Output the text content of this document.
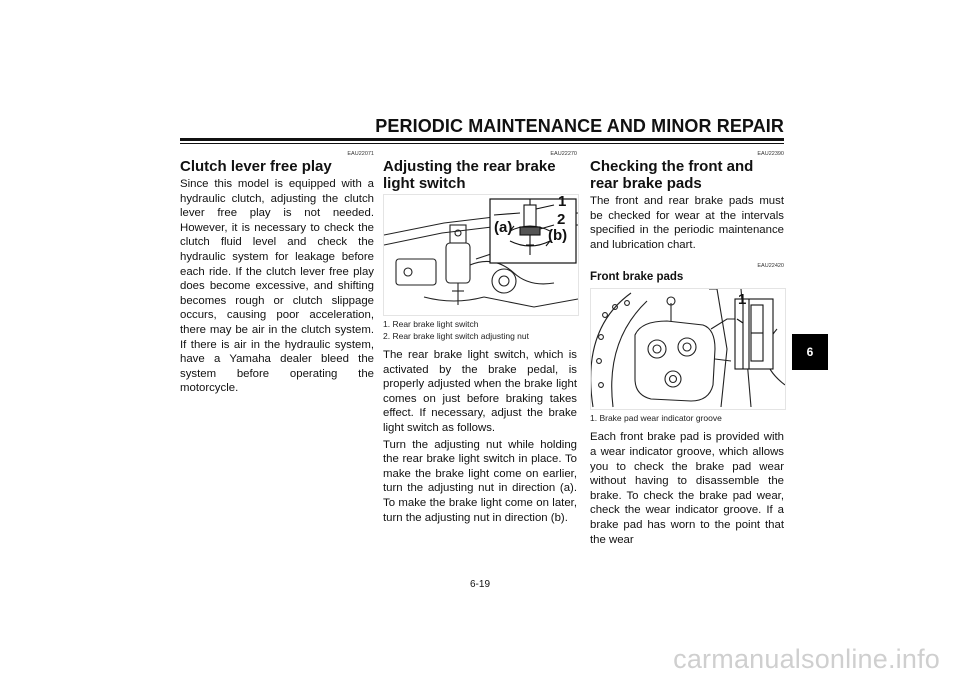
PERIODIC MAINTENANCE AND MINOR REPAIR
EAU22071
Clutch lever free play

Since this model is equipped with a hydraulic clutch, adjusting the clutch lever free play is not needed. However, it is necessary to check the clutch fluid level and check the hydraulic system for leakage before each ride. If the clutch lever free play does become excessive, and shifting becomes rough or clutch slippage occurs, causing poor acceleration, there may be air in the clutch system. If there is air in the hydraulic system, have a Yamaha dealer bleed the system before operating the motorcycle.

EAU22270
Adjusting the rear brake light switch
1
2
(a) (b)
1. Rear brake light switch
2. Rear brake light switch adjusting nut

The rear brake light switch, which is activated by the brake pedal, is properly adjusted when the brake light comes on just before braking takes effect. If necessary, adjust the brake light switch as follows.

Turn the adjusting nut while holding the rear brake light switch in place. To make the brake light come on earlier, turn the adjusting nut in direction (a). To make the brake light come on later, turn the adjusting nut in direction (b).

EAU22390
Checking the front and rear brake pads

The front and rear brake pads must be checked for wear at the intervals specified in the periodic maintenance and lubrication chart.

EAU22420
Front brake pads
1
1. Brake pad wear indicator groove

Each front brake pad is provided with a wear indicator groove, which allows you to check the brake pad wear without having to disassemble the brake. To check the brake pad wear, check the wear indicator groove. If a brake pad has worn to the point that the wear

6-19
6
carmanualsonline.info
